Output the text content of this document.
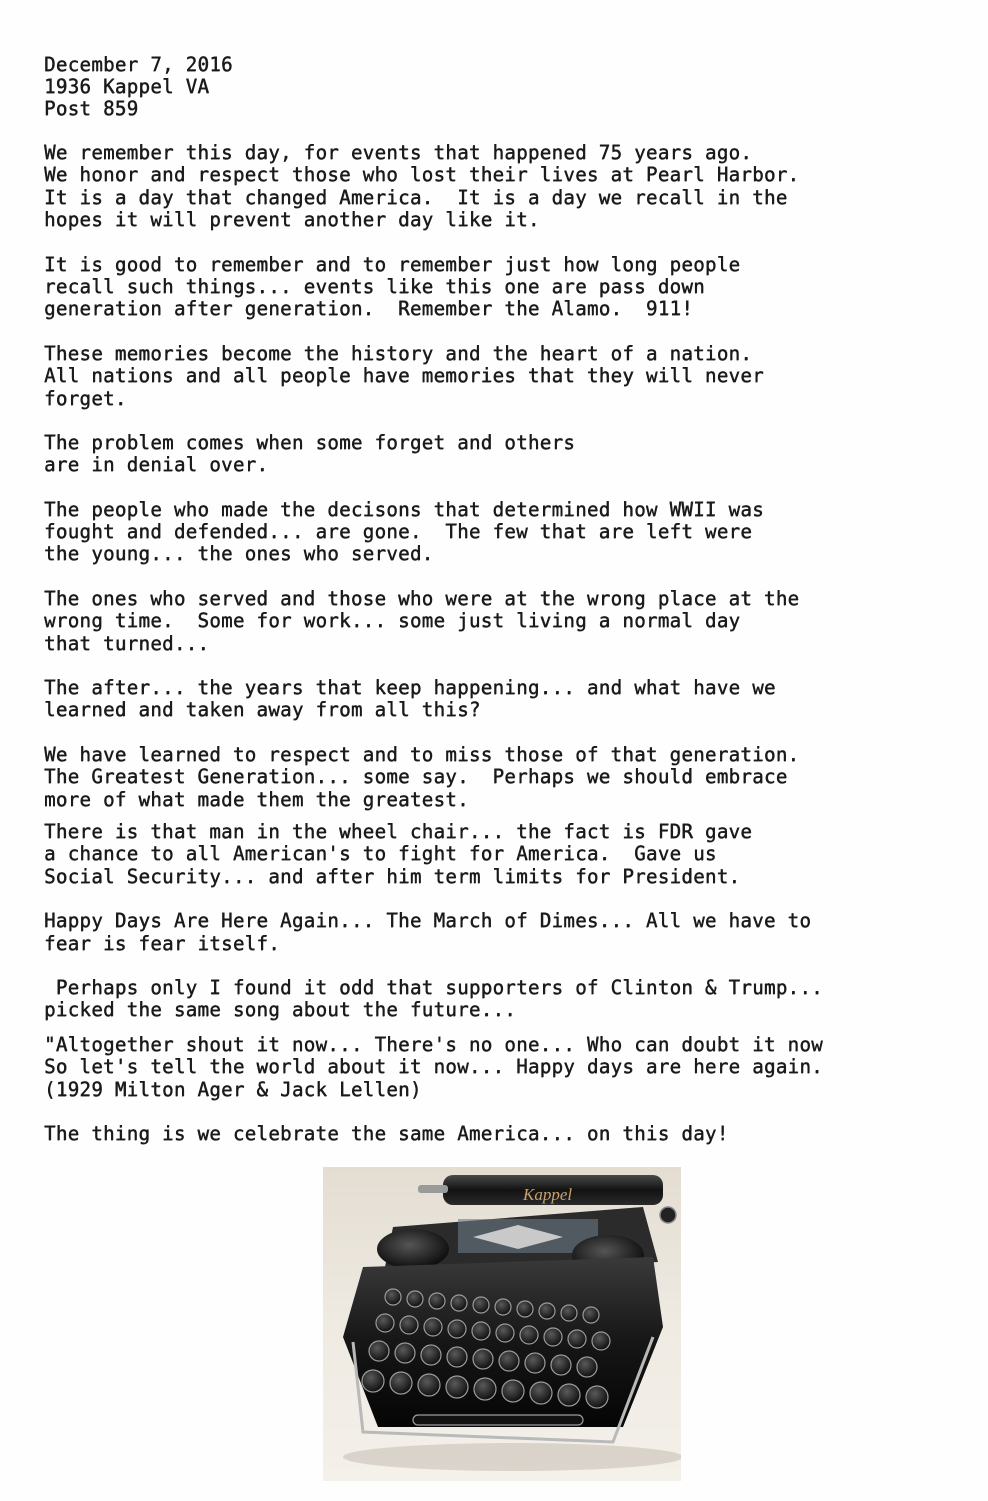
December 7, 2016
1936 Kappel VA
Post 859
We remember this day, for events that happened 75 years ago.
We honor and respect those who lost their lives at Pearl Harbor.
It is a day that changed America.  It is a day we recall in the
hopes it will prevent another day like it.
It is good to remember and to remember just how long people
recall such things... events like this one are pass down
generation after generation.  Remember the Alamo.  911!
These memories become the history and the heart of a nation.
All nations and all people have memories that they will never
forget.
The problem comes when some forget and others
are in denial over.
The people who made the decisons that determined how WWII was
fought and defended... are gone.  The few that are left were
the young... the ones who served.
The ones who served and those who were at the wrong place at the
wrong time.  Some for work... some just living a normal day
that turned...
The after... the years that keep happening... and what have we
learned and taken away from all this?
We have learned to respect and to miss those of that generation.
The Greatest Generation... some say.  Perhaps we should embrace
more of what made them the greatest.
There is that man in the wheel chair... the fact is FDR gave
a chance to all American's to fight for America.  Gave us
Social Security... and after him term limits for President.
Happy Days Are Here Again... The March of Dimes... All we have to
fear is fear itself.
Perhaps only I found it odd that supporters of Clinton & Trump...
picked the same song about the future...
"Altogether shout it now... There's no one... Who can doubt it now
So let's tell the world about it now... Happy days are here again.
(1929 Milton Ager & Jack Lellen)
The thing is we celebrate the same America... on this day!
Kappel
